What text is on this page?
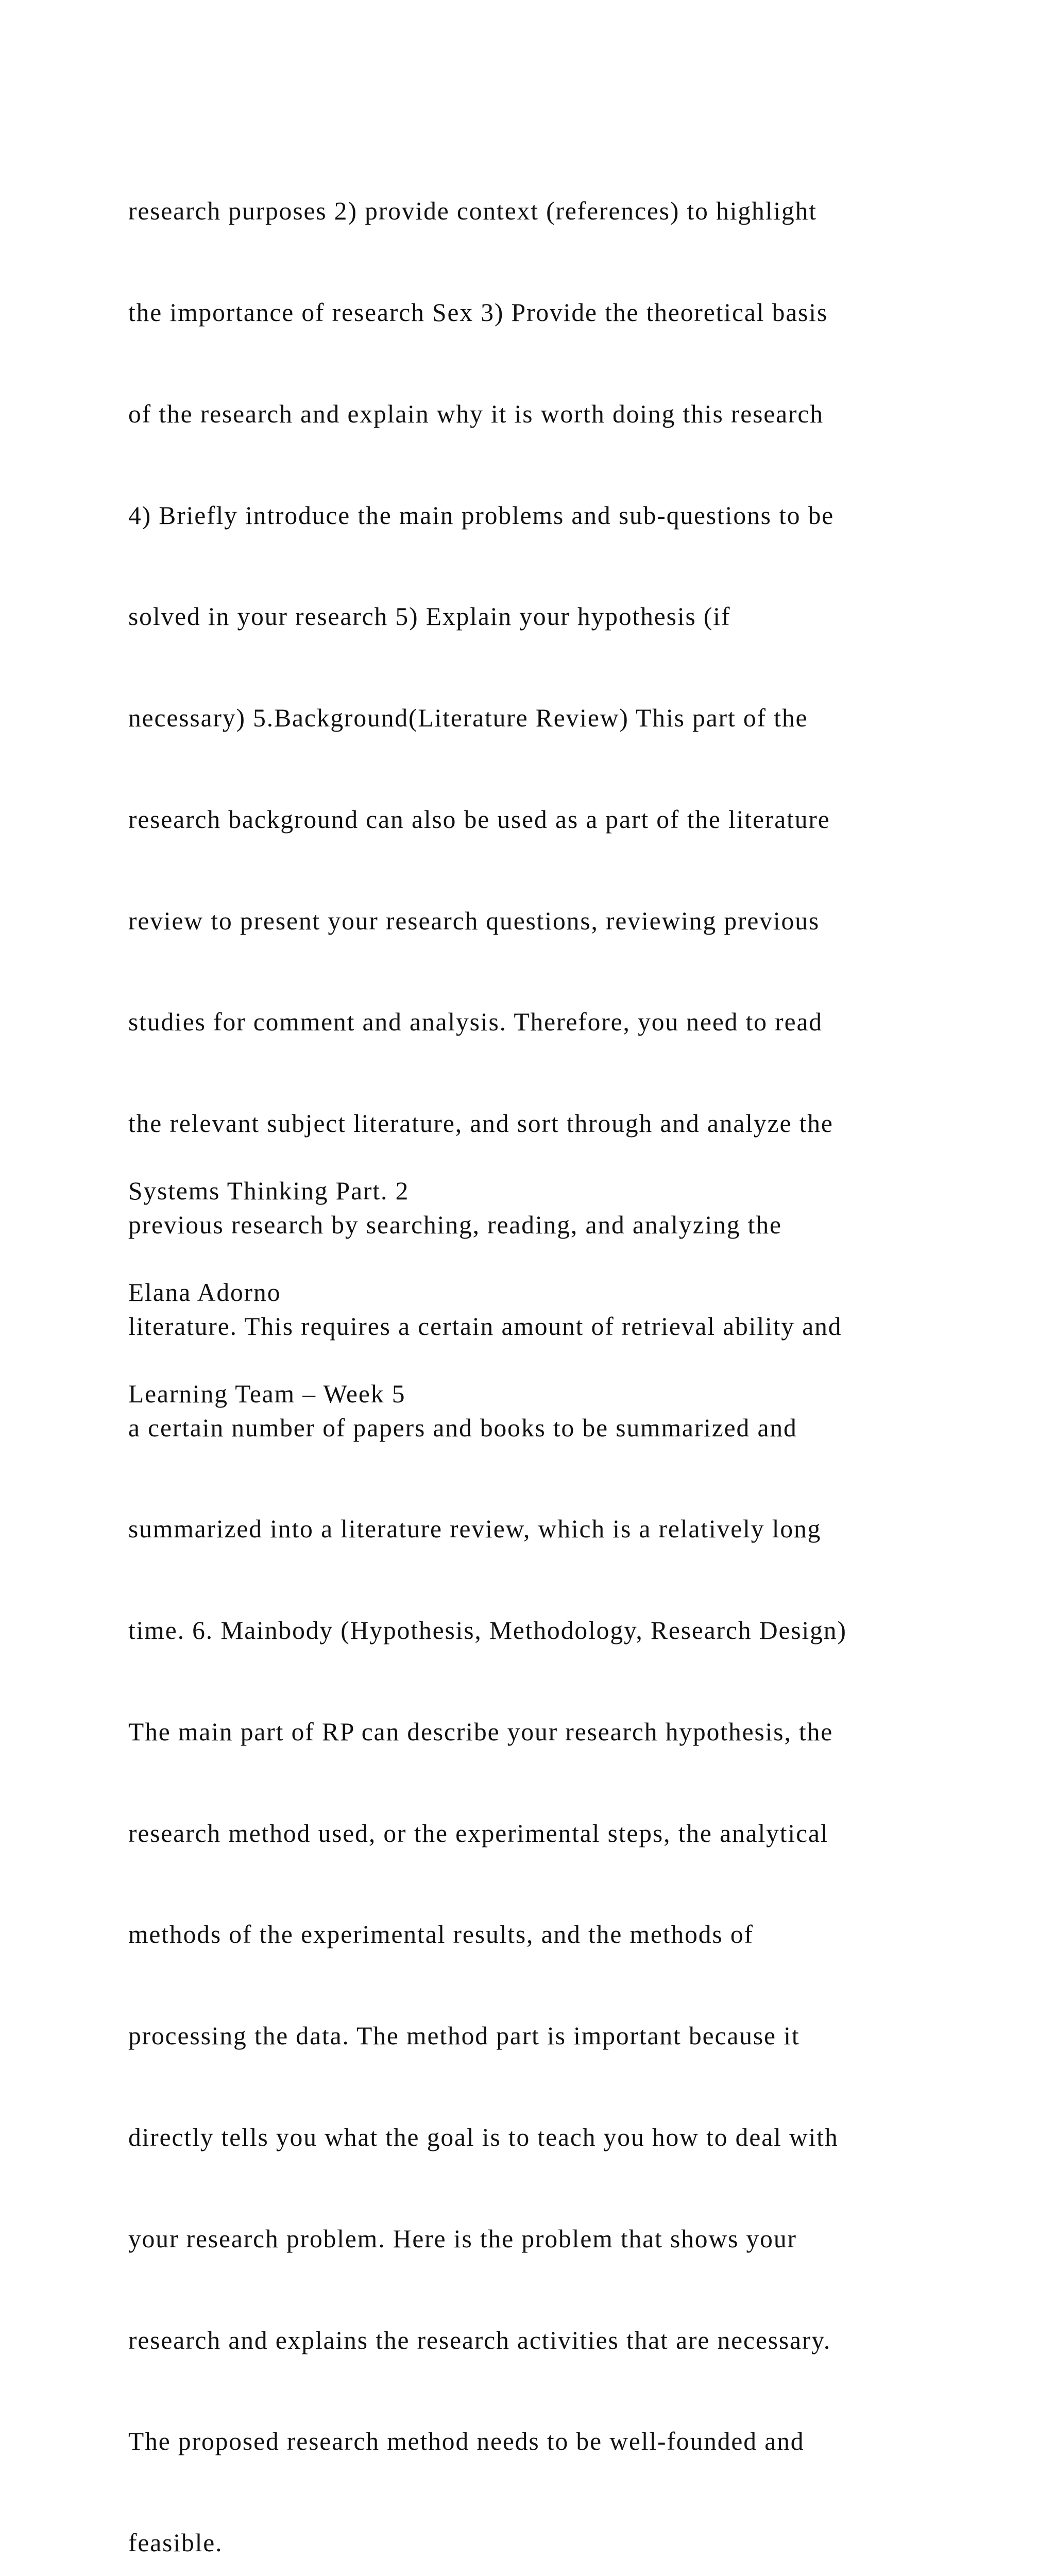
research purposes 2) provide context (references) to highlight

the importance of research Sex 3) Provide the theoretical basis

of the research and explain why it is worth doing this research

4) Briefly introduce the main problems and sub-questions to be

solved in your research 5) Explain your hypothesis (if

necessary) 5.Background(Literature Review) This part of the

research background can also be used as a part of the literature

review to present your research questions, reviewing previous

studies for comment and analysis. Therefore, you need to read

the relevant subject literature, and sort through and analyze the

previous research by searching, reading, and analyzing the

literature. This requires a certain amount of retrieval ability and

a certain number of papers and books to be summarized and

summarized into a literature review, which is a relatively long

time. 6. Mainbody (Hypothesis, Methodology, Research Design)

The main part of RP can describe your research hypothesis, the

research method used, or the experimental steps, the analytical

methods of the experimental results, and the methods of

processing the data. The method part is important because it

directly tells you what the goal is to teach you how to deal with

your research problem. Here is the problem that shows your

research and explains the research activities that are necessary.

The proposed research method needs to be well-founded and

feasible.

Systems Thinking Part. 2

Elana Adorno

Learning Team – Week 5
